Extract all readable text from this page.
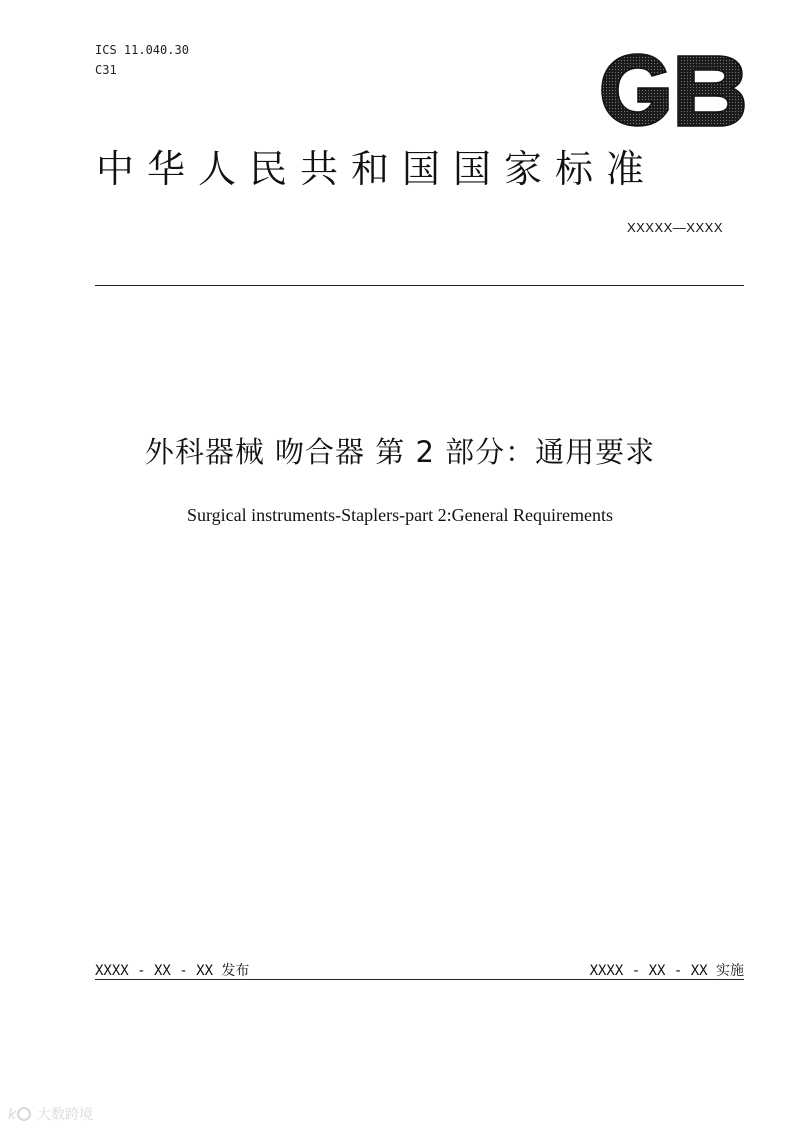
ICS 11.040.30
C31
中华人民共和国国家标准
XXXXX—XXXX
外科器械 吻合器 第 2 部分：通用要求
Surgical instruments-Staplers-part 2:General Requirements
XXXX - XX - XX 发布	XXXX - XX - XX 实施
k 大数跨境
